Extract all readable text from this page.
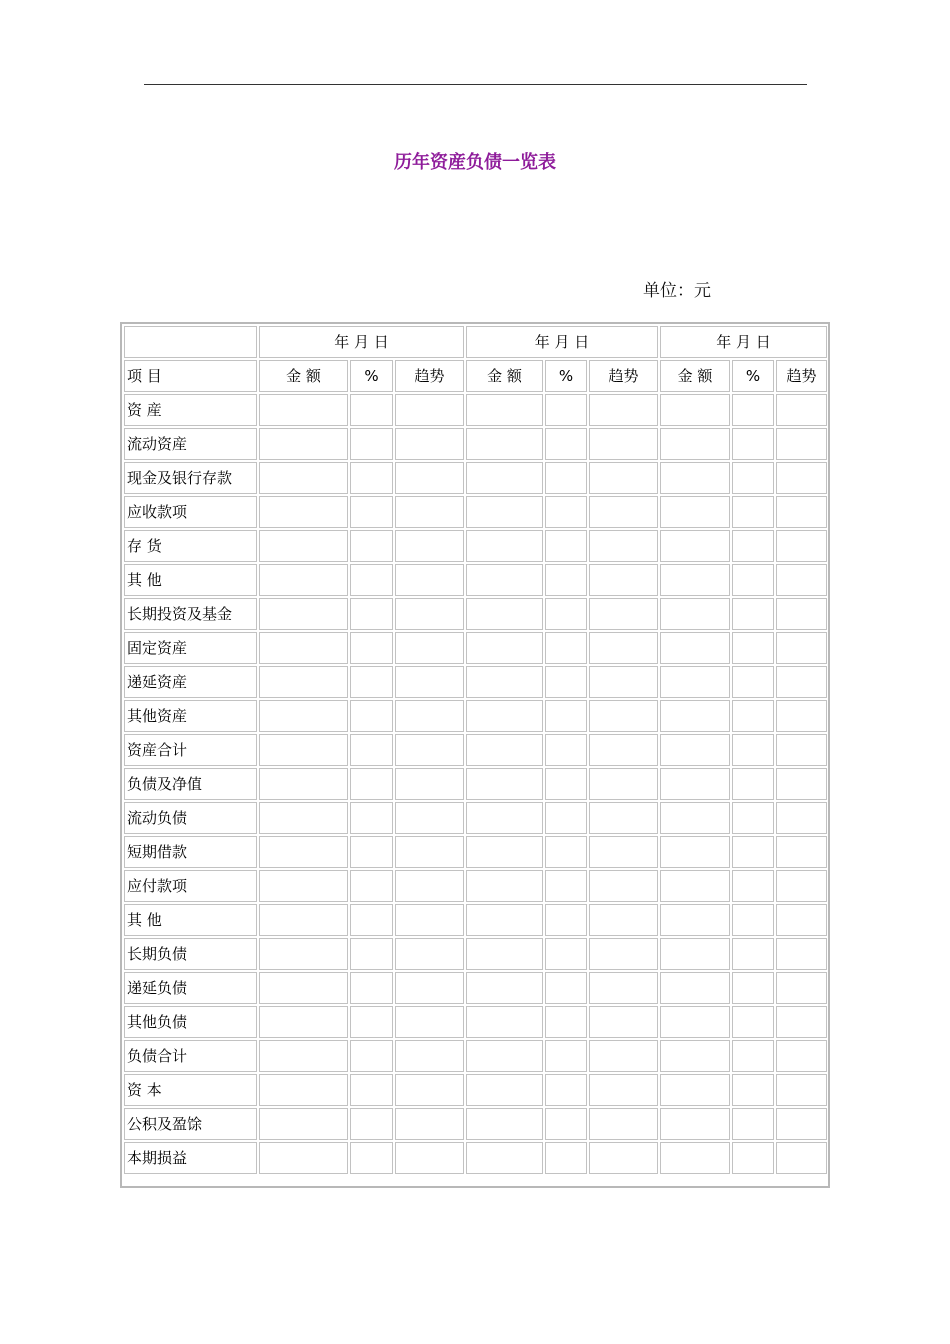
历年资産负债一览表
单位：元
	年 月 日			年 月 日			年 月 日		
项 目	金 额	%	趋势	金 额	%	趋势	金 额	%	趋势
资 産									
流动资産									
现金及银行存款									
应收款项									
存 货									
其 他									
长期投资及基金									
固定资産									
递延资産									
其他资産									
资産合计									
负债及净值									
流动负债									
短期借款									
应付款项									
其 他									
长期负债									
递延负债									
其他负债									
负债合计									
资 本									
公积及盈馀									
本期损益									
